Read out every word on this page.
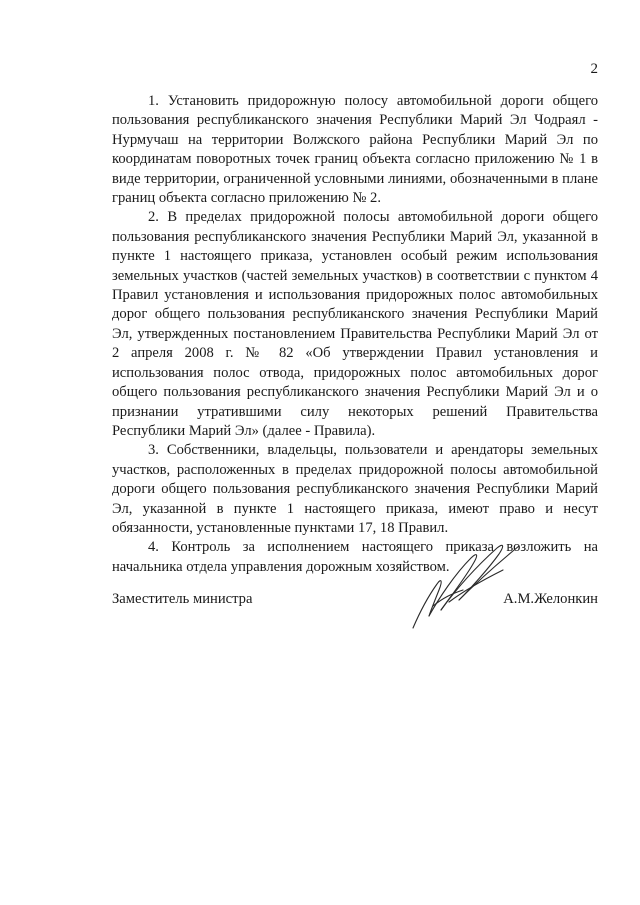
2

1. Установить придорожную полосу автомобильной дороги общего пользования республиканского значения Республики Марий Эл Чодраял - Нурмучаш на территории Волжского района Республики Марий Эл по координатам поворотных точек границ объекта согласно приложению № 1 в виде территории, ограниченной условными линиями, обозначенными в плане границ объекта согласно приложению № 2.

2. В пределах придорожной полосы автомобильной дороги общего пользования республиканского значения Республики Марий Эл, указанной в пункте 1 настоящего приказа, установлен особый режим использования земельных участков (частей земельных участков) в соответствии с пунктом 4 Правил установления и использования придорожных полос автомобильных дорог общего пользования республиканского значения Республики Марий Эл, утвержденных постановлением Правительства Республики Марий Эл от 2 апреля 2008 г. № 82 «Об утверждении Правил установления и использования полос отвода, придорожных полос автомобильных дорог общего пользования республиканского значения Республики Марий Эл и о признании утратившими силу некоторых решений Правительства Республики Марий Эл» (далее - Правила).

3. Собственники, владельцы, пользователи и арендаторы земельных участков, расположенных в пределах придорожной полосы автомобильной дороги общего пользования республиканского значения Республики Марий Эл, указанной в пункте 1 настоящего приказа, имеют право и несут обязанности, установленные пунктами 17, 18 Правил.

4. Контроль за исполнением настоящего приказа возложить на начальника отдела управления дорожным хозяйством.

Заместитель министра	А.М.Желонкин
